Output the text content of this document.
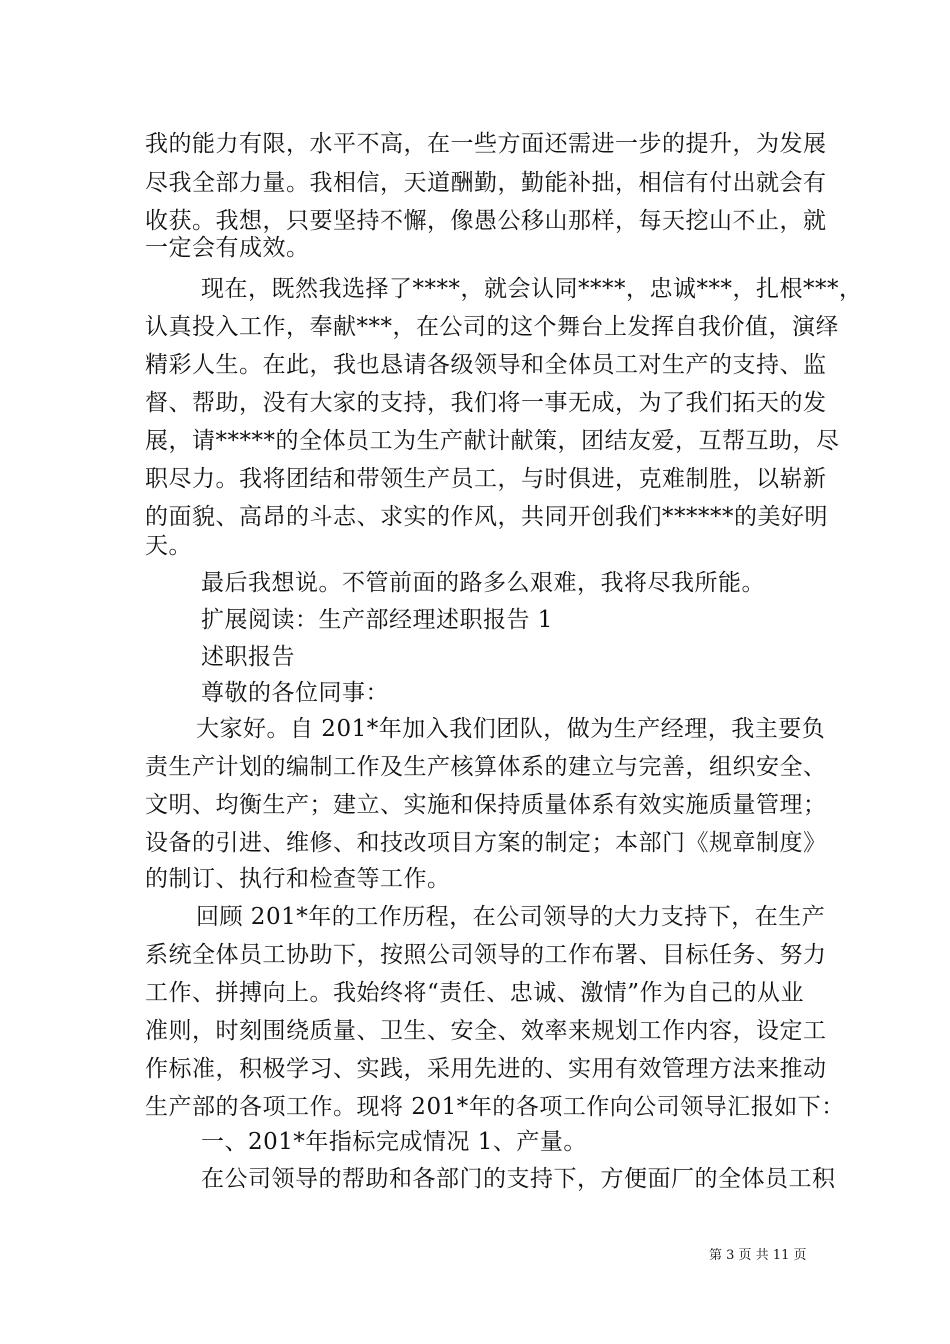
我的能力有限，水平不高，在一些方面还需进一步的提升，为发展
尽我全部力量。我相信，天道酬勤，勤能补拙，相信有付出就会有
收获。我想，只要坚持不懈，像愚公移山那样，每天挖山不止，就
一定会有成效。
现在，既然我选择了****，就会认同****，忠诚***，扎根***，
认真投入工作，奉献***，在公司的这个舞台上发挥自我价值，演绎
精彩人生。在此，我也恳请各级领导和全体员工对生产的支持、监
督、帮助，没有大家的支持，我们将一事无成，为了我们拓天的发
展，请*****的全体员工为生产献计献策，团结友爱，互帮互助，尽
职尽力。我将团结和带领生产员工，与时俱进，克难制胜，以崭新
的面貌、高昂的斗志、求实的作风，共同开创我们******的美好明
天。
最后我想说。不管前面的路多么艰难，我将尽我所能。
扩展阅读：生产部经理述职报告 1
述职报告
尊敬的各位同事：
大家好。自 201*年加入我们团队，做为生产经理，我主要负
责生产计划的编制工作及生产核算体系的建立与完善，组织安全、
文明、均衡生产；建立、实施和保持质量体系有效实施质量管理；
设备的引进、维修、和技改项目方案的制定；本部门《规章制度》
的制订、执行和检查等工作。
回顾 201*年的工作历程，在公司领导的大力支持下，在生产
系统全体员工协助下，按照公司领导的工作布署、目标任务、努力
工作、拼搏向上。我始终将“责任、忠诚、激情”作为自己的从业
准则，时刻围绕质量、卫生、安全、效率来规划工作内容，设定工
作标准，积极学习、实践，采用先进的、实用有效管理方法来推动
生产部的各项工作。现将 201*年的各项工作向公司领导汇报如下：
一、201*年指标完成情况 1、产量。
在公司领导的帮助和各部门的支持下，方便面厂的全体员工积
第 3 页 共 11 页
